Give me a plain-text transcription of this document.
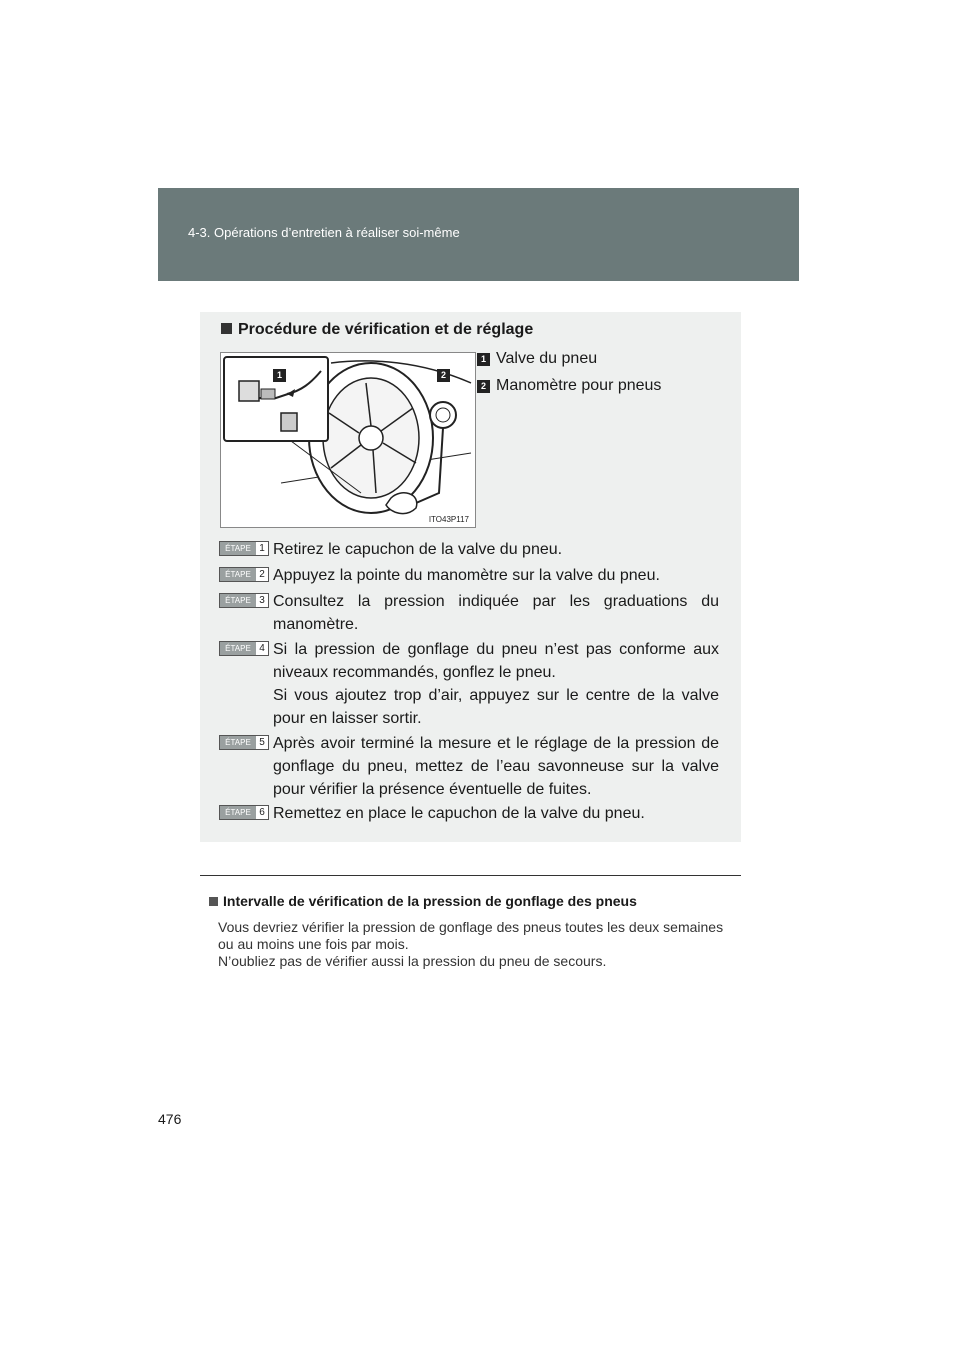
4-3. Opérations d’entretien à réaliser soi-même
Procédure de vérification et de réglage
1	2
ITO43P117
1 Valve du pneu
2 Manomètre pour pneus
ÉTAPE 1 Retirez le capuchon de la valve du pneu.
ÉTAPE 2 Appuyez la pointe du manomètre sur la valve du pneu.
ÉTAPE 3 Consultez la pression indiquée par les graduations du manomètre.
ÉTAPE 4 Si la pression de gonflage du pneu n’est pas conforme aux niveaux recommandés, gonflez le pneu.
Si vous ajoutez trop d’air, appuyez sur le centre de la valve pour en laisser sortir.
ÉTAPE 5 Après avoir terminé la mesure et le réglage de la pression de gonflage du pneu, mettez de l’eau savonneuse sur la valve pour vérifier la présence éventuelle de fuites.
ÉTAPE 6 Remettez en place le capuchon de la valve du pneu.
Intervalle de vérification de la pression de gonflage des pneus
Vous devriez vérifier la pression de gonflage des pneus toutes les deux semaines ou au moins une fois par mois.
N’oubliez pas de vérifier aussi la pression du pneu de secours.
476
